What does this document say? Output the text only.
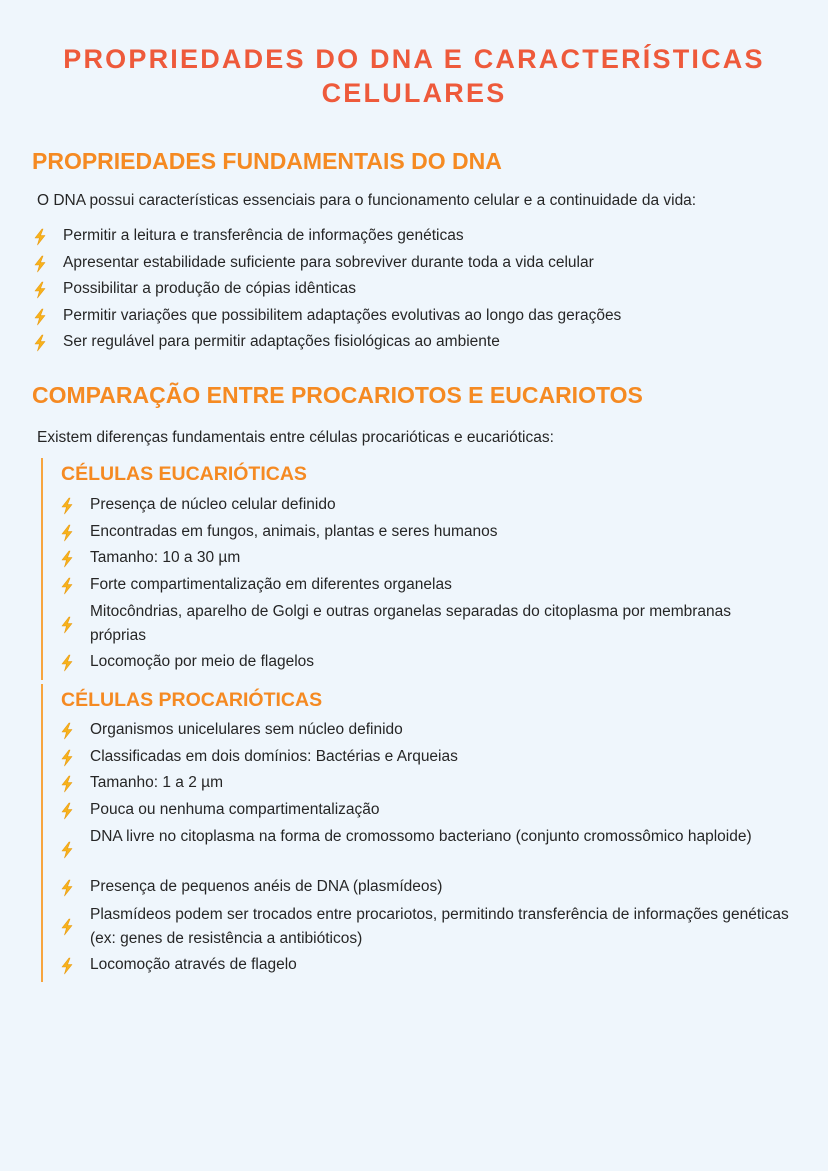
PROPRIEDADES DO DNA E CARACTERÍSTICAS CELULARES
PROPRIEDADES FUNDAMENTAIS DO DNA

O DNA possui características essenciais para o funcionamento celular e a continuidade da vida:

Permitir a leitura e transferência de informações genéticas
Apresentar estabilidade suficiente para sobreviver durante toda a vida celular
Possibilitar a produção de cópias idênticas
Permitir variações que possibilitem adaptações evolutivas ao longo das gerações
Ser regulável para permitir adaptações fisiológicas ao ambiente
COMPARAÇÃO ENTRE PROCARIOTOS E EUCARIOTOS

Existem diferenças fundamentais entre células procarióticas e eucarióticas:

CÉLULAS EUCARIÓTICAS
Presença de núcleo celular definido
Encontradas em fungos, animais, plantas e seres humanos
Tamanho: 10 a 30 µm
Forte compartimentalização em diferentes organelas
Mitocôndrias, aparelho de Golgi e outras organelas separadas do citoplasma por membranas próprias
Locomoção por meio de flagelos
CÉLULAS PROCARIÓTICAS
Organismos unicelulares sem núcleo definido
Classificadas em dois domínios: Bactérias e Arqueias
Tamanho: 1 a 2 µm
Pouca ou nenhuma compartimentalização
DNA livre no citoplasma na forma de cromossomo bacteriano (conjunto cromossômico haploide)
Presença de pequenos anéis de DNA (plasmídeos)
Plasmídeos podem ser trocados entre procariotos, permitindo transferência de informações genéticas (ex: genes de resistência a antibióticos)
Locomoção através de flagelo
